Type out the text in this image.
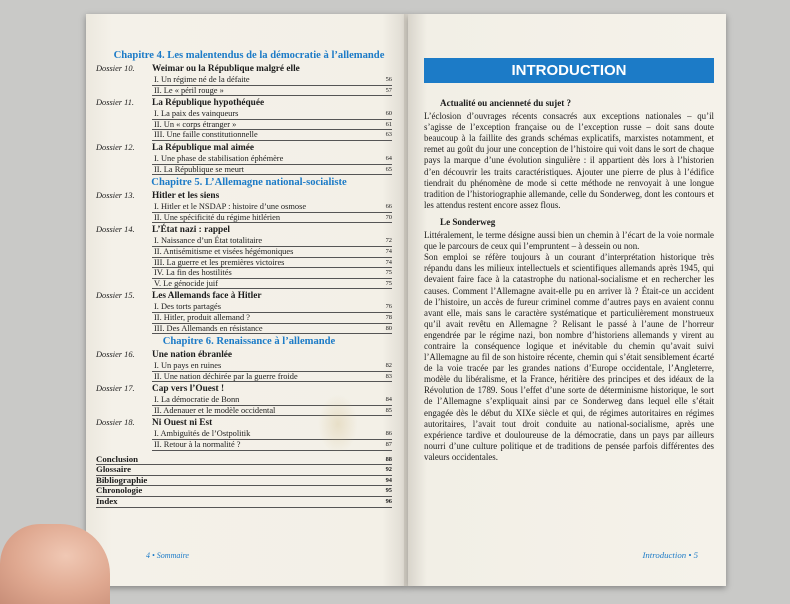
Chapitre 4. Les malentendus de la démocratie à l’allemande
Dossier 10.	Weimar ou la République malgré elle
I. Un régime né de la défaite	56
II. Le « péril rouge »	57
Dossier 11.	La République hypothéquée
I. La paix des vainqueurs	60
II. Un « corps étranger »	61
III. Une faille constitutionnelle	63
Dossier 12.	La République mal aimée
I. Une phase de stabilisation éphémère	64
II. La République se meurt	65
Chapitre 5. L’Allemagne national-socialiste
Dossier 13.	Hitler et les siens
I. Hitler et le NSDAP : histoire d’une osmose	66
II. Une spécificité du régime hitlérien	70
Dossier 14.	L’État nazi : rappel
I. Naissance d’un État totalitaire	72
II. Antisémitisme et visées hégémoniques	74
III. La guerre et les premières victoires	74
IV. La fin des hostilités	75
V. Le génocide juif	75
Dossier 15.	Les Allemands face à Hitler
I. Des torts partagés	76
II. Hitler, produit allemand ?	78
III. Des Allemands en résistance	80
Chapitre 6. Renaissance à l’allemande
Dossier 16.	Une nation ébranlée
I. Un pays en ruines	82
II. Une nation déchirée par la guerre froide	83
Dossier 17.	Cap vers l’Ouest !
I. La démocratie de Bonn	84
II. Adenauer et le modèle occidental	85
Dossier 18.	Ni Ouest ni Est
I. Ambiguïtés de l’Ostpolitik	86
II. Retour à la normalité ?	87
Conclusion	88
Glossaire	92
Bibliographie	94
Chronologie	95
Index	96
4 • Sommaire
INTRODUCTION
Actualité ou ancienneté du sujet ?

L’éclosion d’ouvrages récents consacrés aux exceptions nationales – qu’il s’agisse de l’exception française ou de l’exception russe – doit sans doute beaucoup à la faillite des grands schémas explicatifs, marxistes notamment, et remet au goût du jour une conception de l’histoire qui voit dans le sort de chaque pays la marque d’une évolution singulière : il appartient dès lors à l’historien d’en découvrir les traits caractéristiques. Ajouter une pierre de plus à l’édifice tiendrait du phénomène de mode si cette méthode ne renvoyait à une longue tradition de l’historiographie allemande, celle du Sonderweg, dont les contours et les attendus restent encore assez flous.

Le Sonderweg

Littéralement, le terme désigne aussi bien un chemin à l’écart de la voie normale que le parcours de ceux qui l’empruntent – à dessein ou non.

Son emploi se réfère toujours à un courant d’interprétation historique très répandu dans les milieux intellectuels et scientifiques allemands après 1945, qui devaient faire face à la catastrophe du national-socialisme et en rechercher les causes. Comment l’Allemagne avait-elle pu en arriver là ? Était-ce un accident de l’histoire, un accès de fureur criminel comme d’autres pays en avaient connu avant elle, mais sans le caractère systématique et particulièrement monstrueux qu’il avait revêtu en Allemagne ? Relisant le passé à l’aune de l’horreur engendrée par le régime nazi, bon nombre d’historiens allemands y virent au contraire la conséquence logique et inévitable du chemin qu’avait suivi l’Allemagne au fil de son histoire récente, chemin qui s’était sensiblement écarté de la voie tracée par les grandes nations d’Europe occidentale, l’Angleterre, modèle du libéralisme, et la France, héritière des principes et des idéaux de la Révolution de 1789. Sous l’effet d’une sorte de déterminisme historique, le sort de l’Allemagne s’expliquait ainsi par ce Sonderweg dans lequel elle s’était engagée dès le début du XIXe siècle et qui, de régimes autoritaires en régimes autoritaires, l’avait tout droit conduite au national-socialisme, après une expérience tardive et douloureuse de la démocratie, dans un pays par ailleurs nourri d’une culture politique et de traditions de pensée parfois différentes des valeurs occidentales.

Introduction • 5
